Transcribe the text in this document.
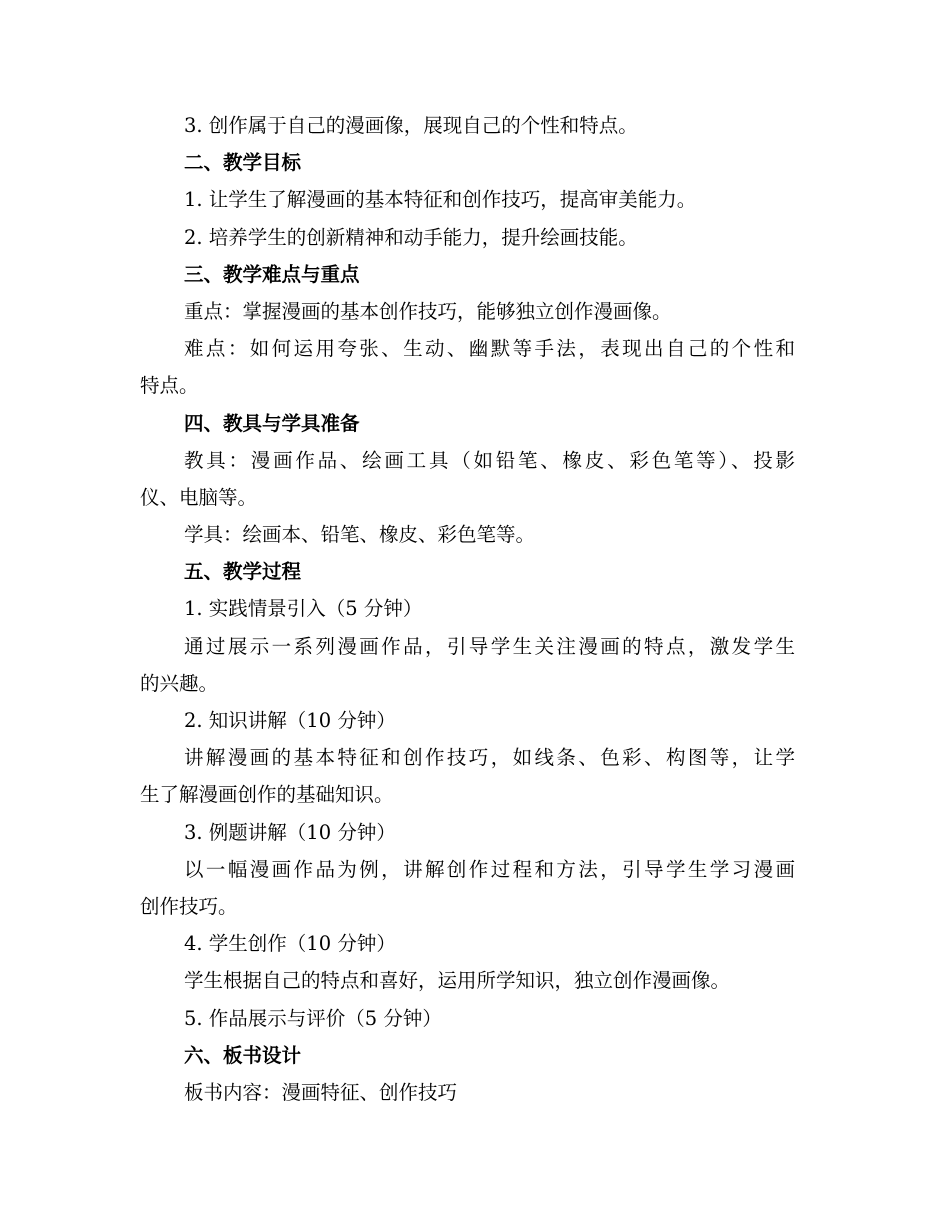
3. 创作属于自己的漫画像，展现自己的个性和特点。
二、教学目标
1. 让学生了解漫画的基本特征和创作技巧，提高审美能力。
2. 培养学生的创新精神和动手能力，提升绘画技能。
三、教学难点与重点
重点：掌握漫画的基本创作技巧，能够独立创作漫画像。
难点：如何运用夸张、生动、幽默等手法，表现出自己的个性和
特点。
四、教具与学具准备
教具：漫画作品、绘画工具（如铅笔、橡皮、彩色笔等）、投影
仪、电脑等。
学具：绘画本、铅笔、橡皮、彩色笔等。
五、教学过程
1. 实践情景引入（5 分钟）
通过展示一系列漫画作品，引导学生关注漫画的特点，激发学生
的兴趣。
2. 知识讲解（10 分钟）
讲解漫画的基本特征和创作技巧，如线条、色彩、构图等，让学
生了解漫画创作的基础知识。
3. 例题讲解（10 分钟）
以一幅漫画作品为例，讲解创作过程和方法，引导学生学习漫画
创作技巧。
4. 学生创作（10 分钟）
学生根据自己的特点和喜好，运用所学知识，独立创作漫画像。
5. 作品展示与评价（5 分钟）
六、板书设计
板书内容：漫画特征、创作技巧
